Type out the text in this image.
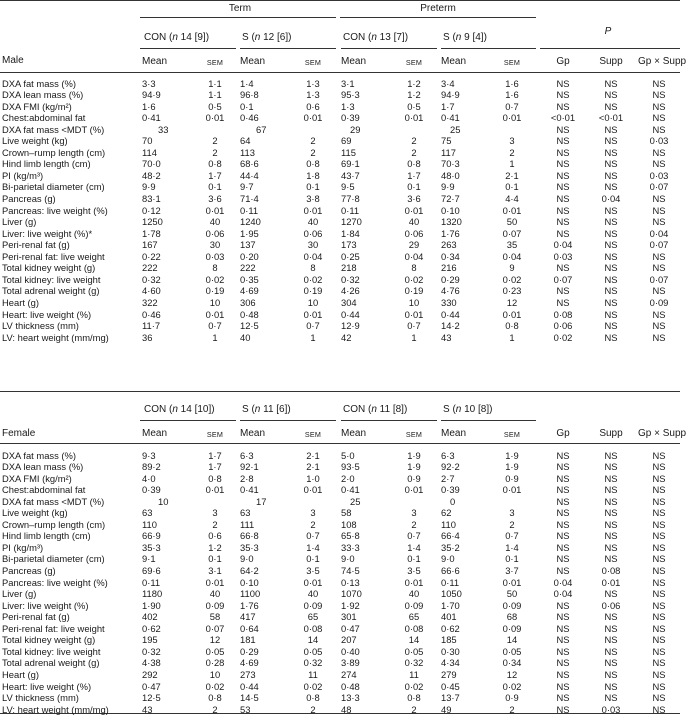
Term	Preterm
P
CON (n 14 [9])	S (n 12 [6])	CON (n 13 [7])	S (n 9 [4])
Male	Mean	SEM	Mean	SEM	Mean	SEM	Mean	SEM	Gp	Supp	Gp × Supp
DXA fat mass (%)	3·3	1·1	1·4	1·3	3·1	1·2	3·4	1·6	NS	NS	NS
DXA lean mass (%)	94·9	1·1	96·8	1·3	95·3	1·2	94·9	1·6	NS	NS	NS
DXA FMI (kg/m²)	1·6	0·5	0·1	0·6	1·3	0·5	1·7	0·7	NS	NS	NS
Chest:abdominal fat	0·41	0·01	0·46	0·01	0·39	0·01	0·41	0·01	<0·01	<0·01	NS
DXA fat mass <MDT (%)	33	67	29	25	NS	NS	NS
Live weight (kg)	70	2	64	2	69	2	75	3	NS	NS	0·03
Crown–rump length (cm)	114	2	113	2	115	2	117	2	NS	NS	NS
Hind limb length (cm)	70·0	0·8	68·6	0·8	69·1	0·8	70·3	1	NS	NS	NS
PI (kg/m³)	48·2	1·7	44·4	1·8	43·7	1·7	48·0	2·1	NS	NS	0·03
Bi-parietal diameter (cm)	9·9	0·1	9·7	0·1	9·5	0·1	9·9	0·1	NS	NS	0·07
Pancreas (g)	83·1	3·6	71·4	3·8	77·8	3·6	72·7	4·4	NS	0·04	NS
Pancreas: live weight (%)	0·12	0·01	0·11	0·01	0·11	0·01	0·10	0·01	NS	NS	NS
Liver (g)	1250	40	1240	40	1270	40	1320	50	NS	NS	NS
Liver: live weight (%)*	1·78	0·06	1·95	0·06	1·84	0·06	1·76	0·07	NS	NS	0·04
Peri-renal fat (g)	167	30	137	30	173	29	263	35	0·04	NS	0·07
Peri-renal fat: live weight	0·22	0·03	0·20	0·04	0·25	0·04	0·34	0·04	0·03	NS	NS
Total kidney weight (g)	222	8	222	8	218	8	216	9	NS	NS	NS
Total kidney: live weight	0·32	0·02	0·35	0·02	0·32	0·02	0·29	0·02	0·07	NS	0·07
Total adrenal weight (g)	4·60	0·19	4·69	0·19	4·26	0·19	4·76	0·23	NS	NS	NS
Heart (g)	322	10	306	10	304	10	330	12	NS	NS	0·09
Heart: live weight (%)	0·46	0·01	0·48	0·01	0·44	0·01	0·44	0·01	0·08	NS	NS
LV thickness (mm)	11·7	0·7	12·5	0·7	12·9	0·7	14·2	0·8	0·06	NS	NS
LV: heart weight (mm/mg)	36	1	40	1	42	1	43	1	0·02	NS	NS
CON (n 14 [10])	S (n 11 [6])	CON (n 11 [8])	S (n 10 [8])
Female	Mean	SEM	Mean	SEM	Mean	SEM	Mean	SEM	Gp	Supp	Gp × Supp
DXA fat mass (%)	9·3	1·7	6·3	2·1	5·0	1·9	6·3	1·9	NS	NS	NS
DXA lean mass (%)	89·2	1·7	92·1	2·1	93·5	1·9	92·2	1·9	NS	NS	NS
DXA FMI (kg/m²)	4·0	0·8	2·8	1·0	2·0	0·9	2·7	0·9	NS	NS	NS
Chest:abdominal fat	0·39	0·01	0·41	0·01	0·41	0·01	0·39	0·01	NS	NS	NS
DXA fat mass <MDT (%)	10	17	25	0	NS	NS	NS
Live weight (kg)	63	3	63	3	58	3	62	3	NS	NS	NS
Crown–rump length (cm)	110	2	111	2	108	2	110	2	NS	NS	NS
Hind limb length (cm)	66·9	0·6	66·8	0·7	65·8	0·7	66·4	0·7	NS	NS	NS
PI (kg/m³)	35·3	1·2	35·3	1·4	33·3	1·4	35·2	1·4	NS	NS	NS
Bi-parietal diameter (cm)	9·1	0·1	9·0	0·1	9·0	0·1	9·0	0·1	NS	NS	NS
Pancreas (g)	69·6	3·1	64·2	3·5	74·5	3·5	66·6	3·7	NS	0·08	NS
Pancreas: live weight (%)	0·11	0·01	0·10	0·01	0·13	0·01	0·11	0·01	0·04	0·01	NS
Liver (g)	1180	40	1100	40	1070	40	1050	50	0·04	NS	NS
Liver: live weight (%)	1·90	0·09	1·76	0·09	1·92	0·09	1·70	0·09	NS	0·06	NS
Peri-renal fat (g)	402	58	417	65	301	65	401	68	NS	NS	NS
Peri-renal fat: live weight	0·62	0·07	0·64	0·08	0·47	0·08	0·62	0·09	NS	NS	NS
Total kidney weight (g)	195	12	181	14	207	14	185	14	NS	NS	NS
Total kidney: live weight	0·32	0·05	0·29	0·05	0·40	0·05	0·30	0·05	NS	NS	NS
Total adrenal weight (g)	4·38	0·28	4·69	0·32	3·89	0·32	4·34	0·34	NS	NS	NS
Heart (g)	292	10	273	11	274	11	279	12	NS	NS	NS
Heart: live weight (%)	0·47	0·02	0·44	0·02	0·48	0·02	0·45	0·02	NS	NS	NS
LV thickness (mm)	12·5	0·8	14·5	0·8	13·3	0·8	13·7	0·9	NS	NS	NS
LV: heart weight (mm/mg)	43	2	53	2	48	2	49	2	NS	0·03	NS
